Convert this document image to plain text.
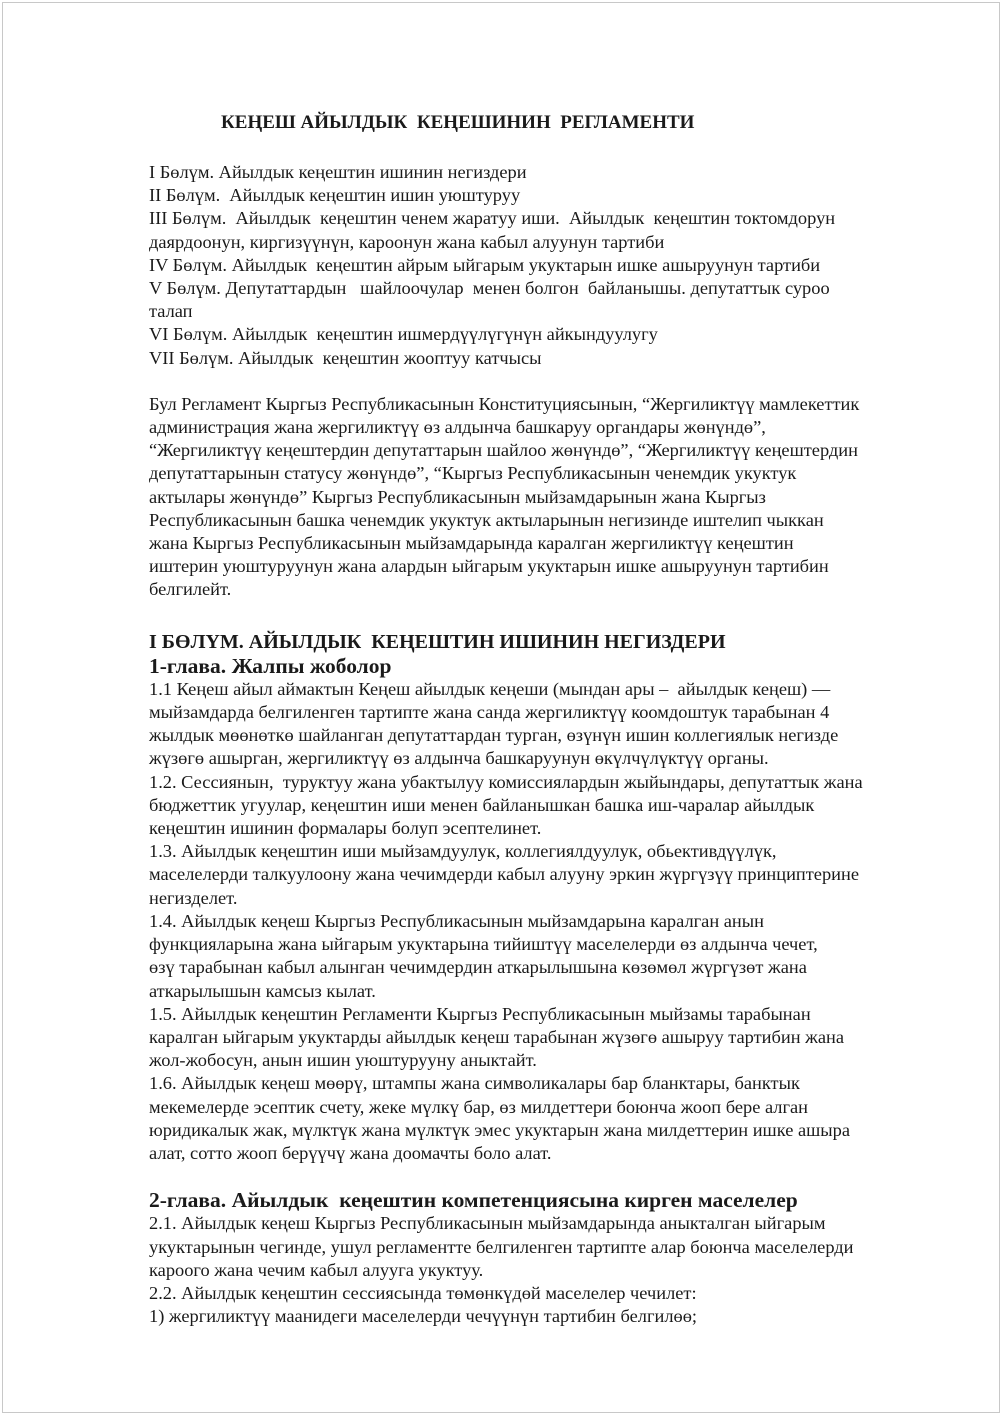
КЕҢЕШ АЙЫЛДЫК  КЕҢЕШИНИН  РЕГЛАМЕНТИ

I Бөлүм. Айылдык кеңештин ишинин негиздери

II Бөлүм.  Айылдык кеңештин ишин уюштуруу

III Бөлүм.  Айылдык  кеңештин ченем жаратуу иши.  Айылдык  кеңештин токтомдорун

даярдоонун, киргизүүнүн, кароонун жана кабыл алуунун тартиби

IV Бөлүм. Айылдык  кеңештин айрым ыйгарым укуктарын ишке ашыруунун тартиби

V Бөлүм. Депутаттардын   шайлоочулар  менен болгон  байланышы. депутаттык суроо

талап

VI Бөлүм. Айылдык  кеңештин ишмердүүлүгүнүн айкындуулугу

VII Бөлүм. Айылдык  кеңештин жооптуу катчысы

Бул Регламент Кыргыз Республикасынын Конституциясынын, “Жергиликтүү мамлекеттик

администрация жана жергиликтүү өз алдынча башкаруу органдары жөнүндө”,

“Жергиликтүү кеңештердин депутаттарын шайлоо жөнүндө”, “Жергиликтүү кеңештердин

депутаттарынын статусу жөнүндө”, “Кыргыз Республикасынын ченемдик укуктук

актылары жөнүндө” Кыргыз Республикасынын мыйзамдарынын жана Кыргыз

Республикасынын башка ченемдик укуктук актыларынын негизинде иштелип чыккан

жана Кыргыз Республикасынын мыйзамдарында каралган жергиликтүү кеңештин

иштерин уюштуруунун жана алардын ыйгарым укуктарын ишке ашыруунун тартибин

белгилейт.

I БӨЛҮМ. АЙЫЛДЫК  КЕҢЕШТИН ИШИНИН НЕГИЗДЕРИ
1-глава. Жалпы жоболор

1.1 Кеңеш айыл аймактын Кеңеш айылдык кеңеши (мындан ары –  айылдык кеңеш) —

мыйзамдарда белгиленген тартипте жана санда жергиликтүү коомдоштук тарабынан 4

жылдык мөөнөткө шайланган депутаттардан турган, өзүнүн ишин коллегиялык негизде

жүзөгө ашырган, жергиликтүү өз алдынча башкаруунун өкүлчүлүктүү органы.

1.2. Сессиянын,  туруктуу жана убактылуу комиссиялардын жыйындары, депутаттык жана

бюджеттик угуулар, кеңештин иши менен байланышкан башка иш-чаралар айылдык

кеңештин ишинин формалары болуп эсептелинет.

1.3. Айылдык кеңештин иши мыйзамдуулук, коллегиялдуулук, обьективдүүлүк,

маселелерди талкуулоону жана чечимдерди кабыл алууну эркин жүргүзүү принциптерине

негизделет.

1.4. Айылдык кеңеш Кыргыз Республикасынын мыйзамдарына каралган анын

функцияларына жана ыйгарым укуктарына тийиштүү маселелерди өз алдынча чечет,

өзү тарабынан кабыл алынган чечимдердин аткарылышына көзөмөл жүргүзөт жана

аткарылышын камсыз кылат.

1.5. Айылдык кеңештин Регламенти Кыргыз Республикасынын мыйзамы тарабынан

каралган ыйгарым укуктарды айылдык кеңеш тарабынан жүзөгө ашыруу тартибин жана

жол-жобосун, анын ишин уюштурууну аныктайт.

1.6. Айылдык кеңеш мөөрү, штампы жана символикалары бар бланктары, банктык

мекемелерде эсептик счету, жеке мүлкү бар, өз милдеттери боюнча жооп бере алган

юридикалык жак, мүлктүк жана мүлктүк эмес укуктарын жана милдеттерин ишке ашыра

алат, сотто жооп берүүчү жана доомачты боло алат.

2-глава. Айылдык  кеңештин компетенциясына кирген маселелер

2.1. Айылдык кеңеш Кыргыз Республикасынын мыйзамдарында аныкталган ыйгарым

укуктарынын чегинде, ушул регламентте белгиленген тартипте алар боюнча маселелерди

кароого жана чечим кабыл алууга укуктуу.

2.2. Айылдык кеңештин сессиясында төмөнкүдөй маселелер чечилет:

1) жергиликтүү маанидеги маселелерди чечүүнүн тартибин белгилөө;
